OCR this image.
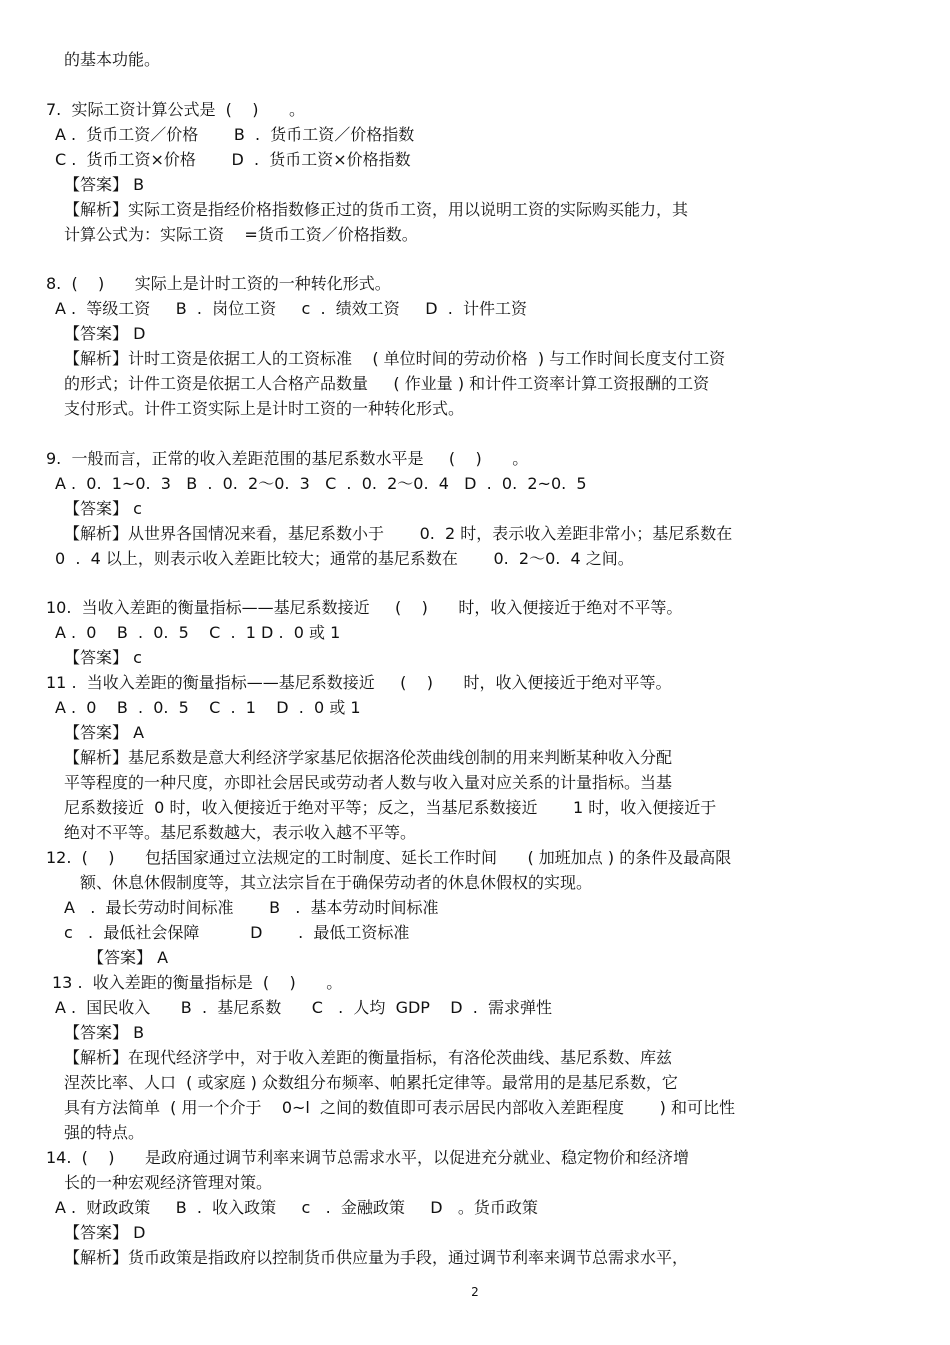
的基本功能。
7.  实际工资计算公式是  (    )      。
A .  货币工资／价格       B  .  货币工资／价格指数
C .  货币工资×价格       D  .  货币工资×价格指数
【答案】 B
【解析】实际工资是指经价格指数修正过的货币工资，用以说明工资的实际购买能力，其
计算公式为：实际工资    =货币工资／价格指数。
8.  (    )      实际上是计时工资的一种转化形式。
A .  等级工资     B  .  岗位工资     c  .  绩效工资     D  .  计件工资
【答案】 D
【解析】计时工资是依据工人的工资标准    ( 单位时间的劳动价格  ) 与工作时间长度支付工资
的形式；计件工资是依据工人合格产品数量     ( 作业量 ) 和计件工资率计算工资报酬的工资
支付形式。计件工资实际上是计时工资的一种转化形式。
9.  一般而言，正常的收入差距范围的基尼系数水平是     (    )      。
A .  0.  1~0.  3   B  .  0.  2～0.  3   C  .  0.  2～0.  4   D  .  0.  2~0.  5
【答案】 c
【解析】从世界各国情况来看，基尼系数小于       0.  2 时，表示收入差距非常小；基尼系数在
0  .  4 以上，则表示收入差距比较大；通常的基尼系数在       0.  2～0.  4 之间。
10.  当收入差距的衡量指标——基尼系数接近     (    )      时，收入便接近于绝对不平等。
A .  0    B  .  0.  5    C  .  1 D .  0 或 1
【答案】 c
11 .  当收入差距的衡量指标——基尼系数接近     (    )      时，收入便接近于绝对平等。
A .  0    B  .  0.  5    C  .  1    D  .  0 或 1
【答案】 A
【解析】基尼系数是意大利经济学家基尼依据洛伦茨曲线创制的用来判断某种收入分配
平等程度的一种尺度，亦即社会居民或劳动者人数与收入量对应关系的计量指标。当基
尼系数接近  0 时，收入便接近于绝对平等；反之，当基尼系数接近       1 时，收入便接近于
绝对不平等。基尼系数越大，表示收入越不平等。
12.  (    )      包括国家通过立法规定的工时制度、延长工作时间      ( 加班加点 ) 的条件及最高限
额、休息休假制度等，其立法宗旨在于确保劳动者的休息休假权的实现。
A   .  最长劳动时间标准       B   .  基本劳动时间标准
c   .  最低社会保障          D       .  最低工资标准
【答案】 A
13 .  收入差距的衡量指标是  (    )      。
A .  国民收入      B  .  基尼系数      C   .  人均  GDP    D  .  需求弹性
【答案】 B
【解析】在现代经济学中，对于收入差距的衡量指标，有洛伦茨曲线、基尼系数、库兹
涅茨比率、人口  ( 或家庭 ) 众数组分布频率、帕累托定律等。最常用的是基尼系数，它
具有方法简单  ( 用一个介于    0~l  之间的数值即可表示居民内部收入差距程度       ) 和可比性
强的特点。
14.  (    )      是政府通过调节利率来调节总需求水平，以促进充分就业、稳定物价和经济增
长的一种宏观经济管理对策。
A .  财政政策     B  .  收入政策     c   .  金融政策     D   。货币政策
【答案】 D
【解析】货币政策是指政府以控制货币供应量为手段，通过调节利率来调节总需求水平，
2
